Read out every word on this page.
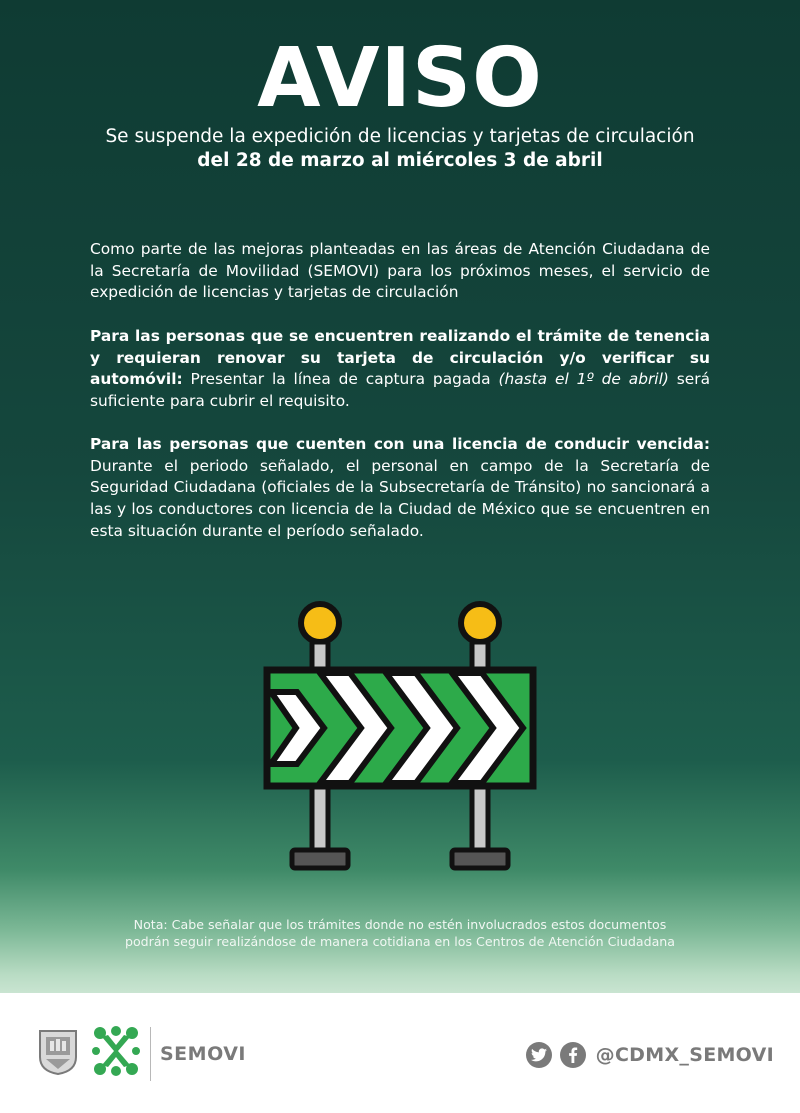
AVISO
Se suspende la expedición de licencias y tarjetas de circulación
del 28 de marzo al miércoles 3 de abril

Como parte de las mejoras planteadas en las áreas de Atención Ciudadana de la Secretaría de Movilidad (SEMOVI) para los próximos meses, el servicio de expedición de licencias y tarjetas de circulación

Para las personas que se encuentren realizando el trámite de tenencia y requieran renovar su tarjeta de circulación y/o verificar su automóvil: Presentar la línea de captura pagada (hasta el 1º de abril) será suficiente para cubrir el requisito.

Para las personas que cuenten con una licencia de conducir vencida: Durante el periodo señalado, el personal en campo de la Secretaría de Seguridad Ciudadana (oficiales de la Subsecretaría de Tránsito) no sancionará a las y los conductores con licencia de la Ciudad de México que se encuentren en esta situación durante el período señalado.

Nota: Cabe señalar que los trámites donde no estén involucrados estos documentos
podrán seguir realizándose de manera cotidiana en los Centros de Atención Ciudadana
SEMOVI	@CDMX_SEMOVI
